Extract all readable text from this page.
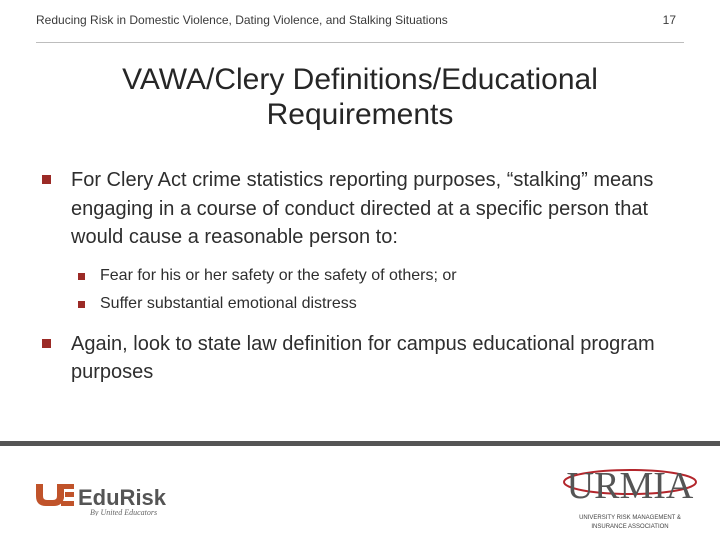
Reducing Risk in Domestic Violence, Dating Violence, and Stalking Situations	17
VAWA/Clery Definitions/Educational Requirements
For Clery Act crime statistics reporting purposes, “stalking” means engaging in a course of conduct directed at a specific person that would cause a reasonable person to:
Fear for his or her safety or the safety of others; or
Suffer substantial emotional distress
Again, look to state law definition for campus educational program purposes
EduRisk
By United Educators
URMIA
UNIVERSITY RISK MANAGEMENT &
INSURANCE ASSOCIATION
